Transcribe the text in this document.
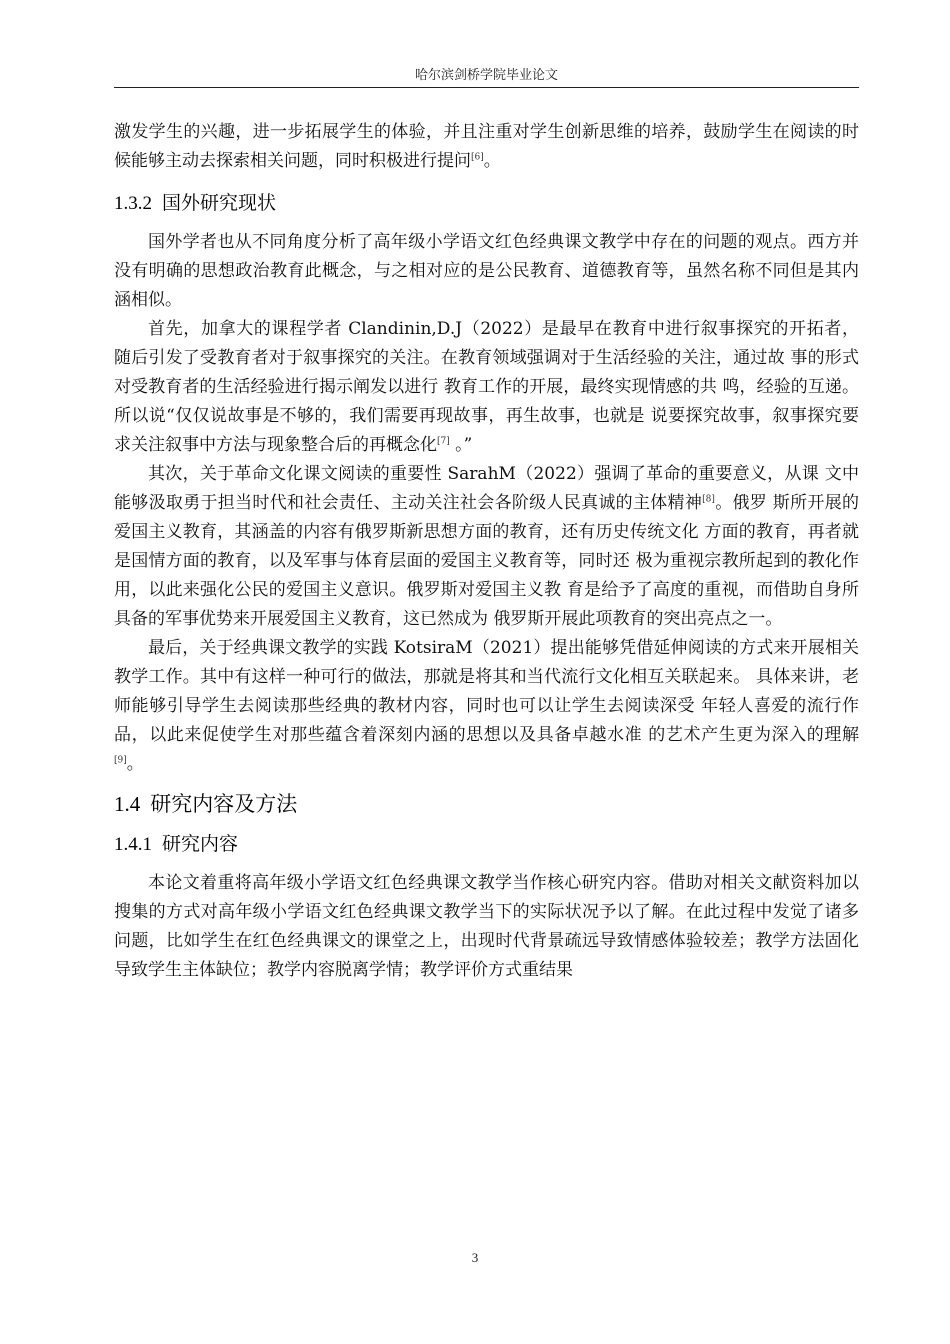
哈尔滨剑桥学院毕业论文

激发学生的兴趣，进一步拓展学生的体验，并且注重对学生创新思维的培养，鼓励学生在阅读的时候能够主动去探索相关问题，同时积极进行提问[6]。

1.3.2 国外研究现状

国外学者也从不同角度分析了高年级小学语文红色经典课文教学中存在的问题的观点。西方并没有明确的思想政治教育此概念，与之相对应的是公民教育、道德教育等，虽然名称不同但是其内涵相似。

首先，加拿大的课程学者 Clandinin,D.J（2022）是最早在教育中进行叙事探究的开拓者， 随后引发了受教育者对于叙事探究的关注。在教育领域强调对于生活经验的关注，通过故 事的形式对受教育者的生活经验进行揭示阐发以进行 教育工作的开展，最终实现情感的共 鸣，经验的互递。所以说“仅仅说故事是不够的，我们需要再现故事，再生故事，也就是 说要探究故事，叙事探究要求关注叙事中方法与现象整合后的再概念化[7] 。”

其次，关于革命文化课文阅读的重要性 SarahM（2022）强调了革命的重要意义，从课 文中能够汲取勇于担当时代和社会责任、主动关注社会各阶级人民真诚的主体精神[8]。俄罗 斯所开展的爱国主义教育，其涵盖的内容有俄罗斯新思想方面的教育，还有历史传统文化 方面的教育，再者就是国情方面的教育，以及军事与体育层面的爱国主义教育等，同时还 极为重视宗教所起到的教化作用，以此来强化公民的爱国主义意识。俄罗斯对爱国主义教 育是给予了高度的重视，而借助自身所具备的军事优势来开展爱国主义教育，这已然成为 俄罗斯开展此项教育的突出亮点之一。

最后，关于经典课文教学的实践 KotsiraM（2021）提出能够凭借延伸阅读的方式来开展相关教学工作。其中有这样一种可行的做法，那就是将其和当代流行文化相互关联起来。 具体来讲，老师能够引导学生去阅读那些经典的教材内容，同时也可以让学生去阅读深受 年轻人喜爱的流行作品，以此来促使学生对那些蕴含着深刻内涵的思想以及具备卓越水准 的艺术产生更为深入的理解[9]。

1.4 研究内容及方法
1.4.1 研究内容

本论文着重将高年级小学语文红色经典课文教学当作核心研究内容。借助对相关文献资料加以搜集的方式对高年级小学语文红色经典课文教学当下的实际状况予以了解。在此过程中发觉了诸多问题，比如学生在红色经典课文的课堂之上，出现时代背景疏远导致情感体验较差；教学方法固化导致学生主体缺位；教学内容脱离学情；教学评价方式重结果

3
